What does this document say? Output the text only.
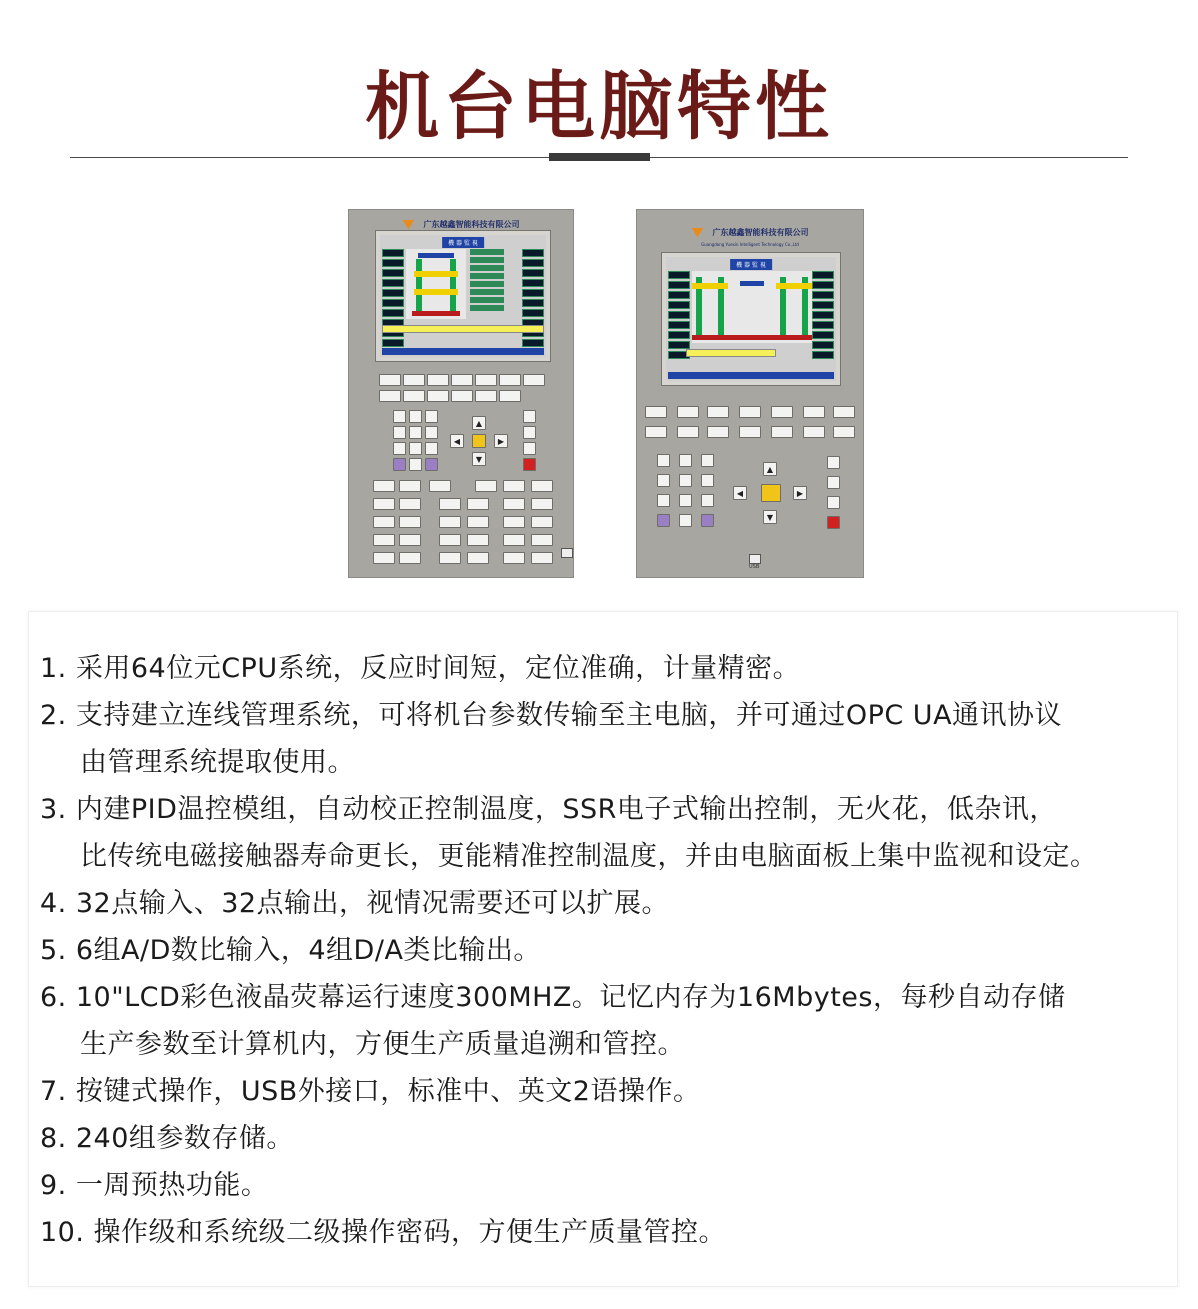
机台电脑特性
广东越鑫智能科技有限公司
機 器 監 視
▲
◀	▶
▼
广东越鑫智能科技有限公司
Guangdong Yuexin Intelligent Technology Co.,Ltd
機 器 監 視
▲
◀	▶
▼
USB
1. 采用64位元CPU系统，反应时间短，定位准确，计量精密。
2. 支持建立连线管理系统，可将机台参数传输至主电脑，并可通过OPC UA通讯协议
由管理系统提取使用。
3. 内建PID温控模组，自动校正控制温度，SSR电子式输出控制，无火花，低杂讯，
比传统电磁接触器寿命更长，更能精准控制温度，并由电脑面板上集中监视和设定。
4. 32点输入、32点输出，视情况需要还可以扩展。
5. 6组A/D数比输入，4组D/A类比输出。
6. 10"LCD彩色液晶荧幕运行速度300MHZ。记忆内存为16Mbytes，每秒自动存储
生产参数至计算机内，方便生产质量追溯和管控。
7. 按键式操作，USB外接口，标准中、英文2语操作。
8. 240组参数存储。
9. 一周预热功能。
10. 操作级和系统级二级操作密码，方便生产质量管控。
